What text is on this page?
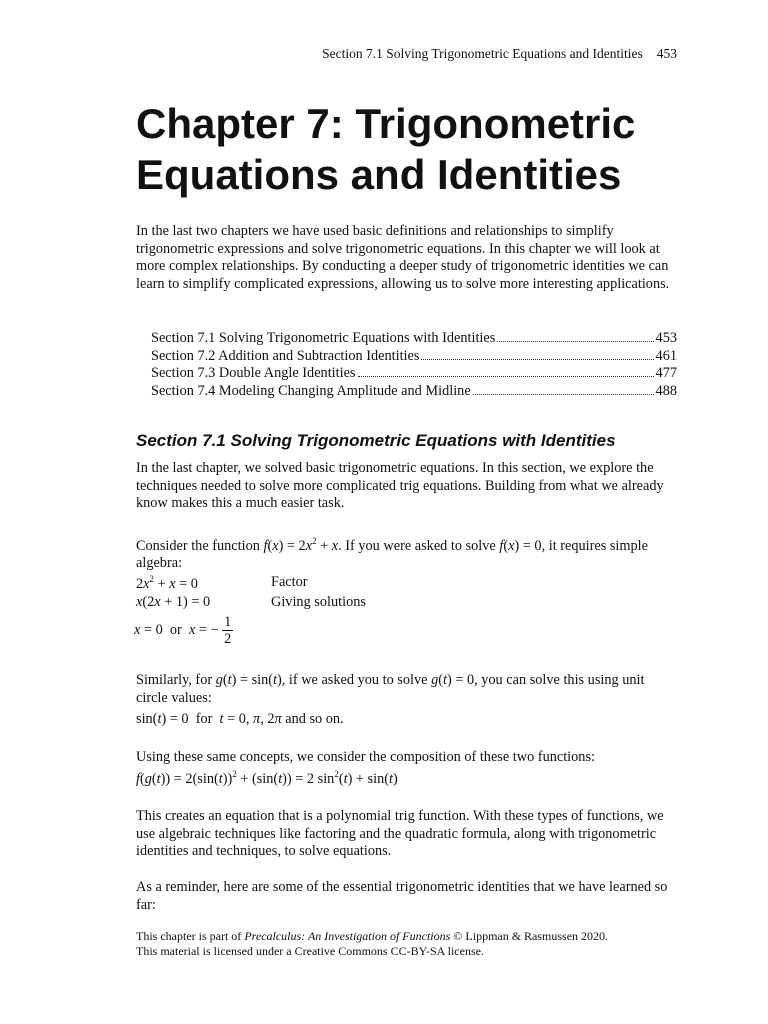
Section 7.1 Solving Trigonometric Equations and Identities 453
Chapter 7: Trigonometric Equations and Identities

In the last two chapters we have used basic definitions and relationships to simplify trigonometric expressions and solve trigonometric equations. In this chapter we will look at more complex relationships. By conducting a deeper study of trigonometric identities we can learn to simplify complicated expressions, allowing us to solve more interesting applications.

Section 7.1 Solving Trigonometric Equations with Identities	453
Section 7.2 Addition and Subtraction Identities	461
Section 7.3 Double Angle Identities	477
Section 7.4 Modeling Changing Amplitude and Midline	488
Section 7.1 Solving Trigonometric Equations with Identities

In the last chapter, we solved basic trigonometric equations. In this section, we explore the techniques needed to solve more complicated trig equations. Building from what we already know makes this a much easier task.

Consider the function $f(x) = 2x^2 + x$. If you were asked to solve f(x) = 0, it requires simple algebra:

$2x^2 + x = 0$	Factor
x(2x + 1) = 0	Giving solutions
x = 0  or x = − $\frac{1}{2}$

Similarly, for g(t) = sin(t), if we asked you to solve g(t) = 0, you can solve this using unit circle values:

sin(t) = 0  for t = 0, π, 2π and so on.

Using these same concepts, we consider the composition of these two functions:

$f(g(t)) = 2(\sin(t))^2 + (\sin(t)) = 2$ $\sin^2(t) + \sin(t)$

This creates an equation that is a polynomial trig function. With these types of functions, we use algebraic techniques like factoring and the quadratic formula, along with trigonometric identities and techniques, to solve equations.

As a reminder, here are some of the essential trigonometric identities that we have learned so far:

This chapter is part of Precalculus: An Investigation of Functions © Lippman & Rasmussen 2020.
This material is licensed under a Creative Commons CC-BY-SA license.
